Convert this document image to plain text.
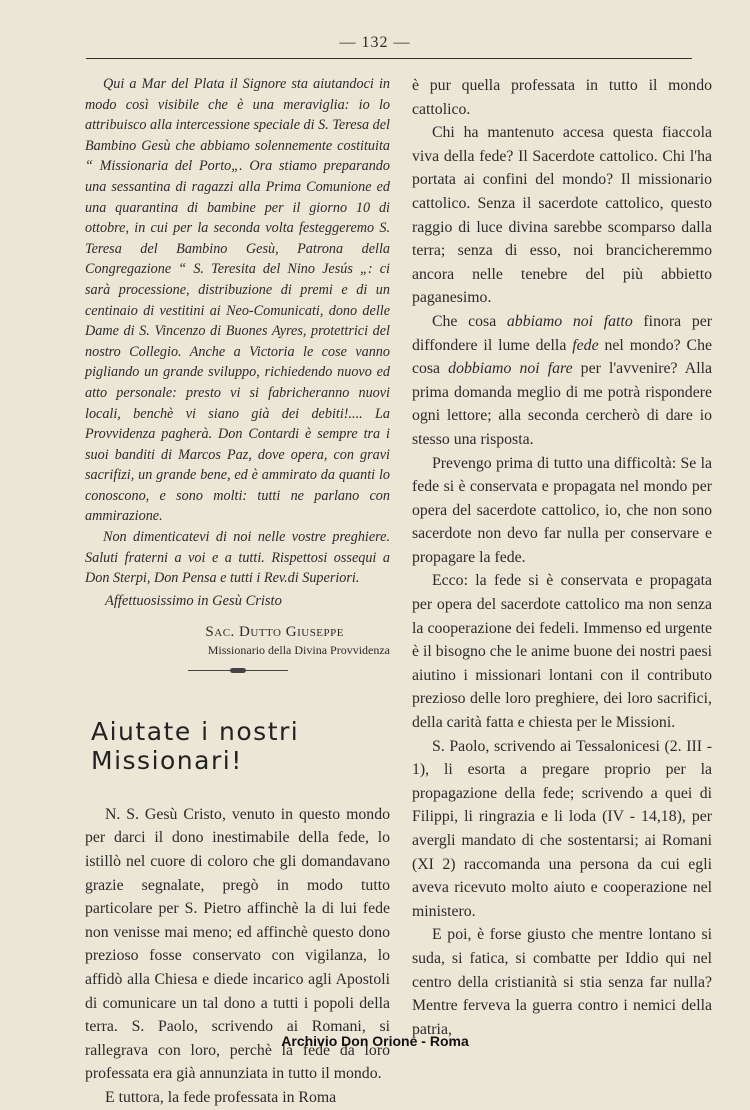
— 132 —

Qui a Mar del Plata il Signore sta aiutandoci in modo così visibile che è una meraviglia: io lo attribuisco alla intercessione speciale di S. Teresa del Bambino Gesù che abbiamo solennemente costituita “ Missionaria del Porto„. Ora stiamo preparando una sessantina di ragazzi alla Prima Comunione ed una quarantina di bambine per il giorno 10 di ottobre, in cui per la seconda volta festeggeremo S. Teresa del Bambino Gesù, Patrona della Congregazione “ S. Teresita del Nino Jesús „: ci sarà processione, distribuzione di premi e di un centinaio di vestitini ai Neo-Comunicati, dono delle Dame di S. Vincenzo di Buones Ayres, protettrici del nostro Collegio. Anche a Victoria le cose vanno pigliando un grande sviluppo, richiedendo nuovo ed atto personale: presto vi si fabricheranno nuovi locali, benchè vi siano già dei debiti!.... La Provvidenza pagherà. Don Contardi è sempre tra i suoi banditi di Marcos Paz, dove opera, con gravi sacrifizi, un grande bene, ed è ammirato da quanti lo conoscono, e sono molti: tutti ne parlano con ammirazione.

Non dimenticatevi di noi nelle vostre preghiere. Saluti fraterni a voi e a tutti. Rispettosi ossequi a Don Sterpi, Don Pensa e tutti i Rev.di Superiori.

Affettuosissimo in Gesù Cristo
Sac. Dutto Giuseppe
Missionario della Divina Provvidenza
Aiutate i nostri Missionari!

N. S. Gesù Cristo, venuto in questo mondo per darci il dono inestimabile della fede, lo istillò nel cuore di coloro che gli domandavano grazie segnalate, pregò in modo tutto particolare per S. Pietro affinchè la di lui fede non venisse mai meno; ed affinchè questo dono prezioso fosse conservato con vigilanza, lo affidò alla Chiesa e diede incarico agli Apostoli di comunicare un tal dono a tutti i popoli della terra. S. Paolo, scrivendo ai Romani, si rallegrava con loro, perchè la fede da loro professata era già annunziata in tutto il mondo.

E tuttora, la fede professata in Roma

è pur quella professata in tutto il mondo cattolico.

Chi ha mantenuto accesa questa fiaccola viva della fede? Il Sacerdote cattolico. Chi l'ha portata ai confini del mondo? Il missionario cattolico. Senza il sacerdote cattolico, questo raggio di luce divina sarebbe scomparso dalla terra; senza di esso, noi brancicheremmo ancora nelle tenebre del più abbietto paganesimo.

Che cosa abbiamo noi fatto finora per diffondere il lume della fede nel mondo? Che cosa dobbiamo noi fare per l'avvenire? Alla prima domanda meglio di me potrà rispondere ogni lettore; alla seconda cercherò di dare io stesso una risposta.

Prevengo prima di tutto una difficoltà: Se la fede si è conservata e propagata nel mondo per opera del sacerdote cattolico, io, che non sono sacerdote non devo far nulla per conservare e propagare la fede.

Ecco: la fede si è conservata e propagata per opera del sacerdote cattolico ma non senza la cooperazione dei fedeli. Immenso ed urgente è il bisogno che le anime buone dei nostri paesi aiutino i missionari lontani con il contributo prezioso delle loro preghiere, dei loro sacrifici, della carità fatta e chiesta per le Missioni.

S. Paolo, scrivendo ai Tessalonicesi (2. III - 1), li esorta a pregare proprio per la propagazione della fede; scrivendo a quei di Filippi, li ringrazia e li loda (IV - 14,18), per avergli mandato di che sostentarsi; ai Romani (XI 2) raccomanda una persona da cui egli aveva ricevuto molto aiuto e cooperazione nel ministero.

E poi, è forse giusto che mentre lontano si suda, si fatica, si combatte per Iddio qui nel centro della cristianità si stia senza far nulla? Mentre ferveva la guerra contro i nemici della patria,

Archivio Don Orione - Roma
